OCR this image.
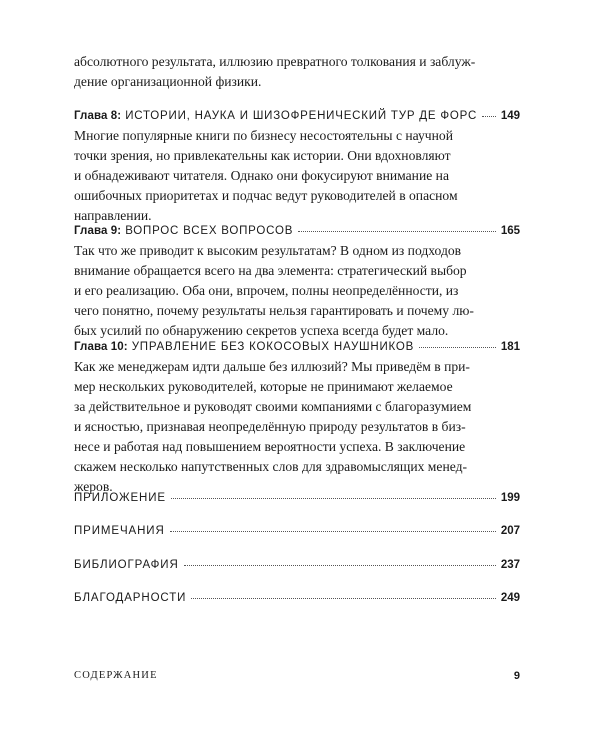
абсолютного результата, иллюзию превратного толкования и заблуж-

дение организационной физики.

Глава 8: ИСТОРИИ, НАУКА И ШИЗОФРЕНИЧЕСКИЙ ТУР ДЕ ФОРС 149

Многие популярные книги по бизнесу несостоятельны с научной

точки зрения, но привлекательны как истории. Они вдохновляют

и обнадеживают читателя. Однако они фокусируют внимание на

ошибочных приоритетах и подчас ведут руководителей в опасном

направлении.

Глава 9: ВОПРОС ВСЕХ ВОПРОСОВ	165

Так что же приводит к высоким результатам? В одном из подходов

внимание обращается всего на два элемента: стратегический выбор

и его реализацию. Оба они, впрочем, полны неопределённости, из

чего понятно, почему результаты нельзя гарантировать и почему лю-

бых усилий по обнаружению секретов успеха всегда будет мало.

Глава 10: УПРАВЛЕНИЕ БЕЗ КОКОСОВЫХ НАУШНИКОВ	181

Как же менеджерам идти дальше без иллюзий? Мы приведём в при-

мер нескольких руководителей, которые не принимают желаемое

за действительное и руководят своими компаниями с благоразумием

и ясностью, признавая неопределённую природу результатов в биз-

несе и работая над повышением вероятности успеха. В заключение

скажем несколько напутственных слов для здравомыслящих менед-

жеров.

ПРИЛОЖЕНИЕ	199
ПРИМЕЧАНИЯ	207
БИБЛИОГРАФИЯ	237
БЛАГОДАРНОСТИ	249
СОДЕРЖАНИЕ	9
